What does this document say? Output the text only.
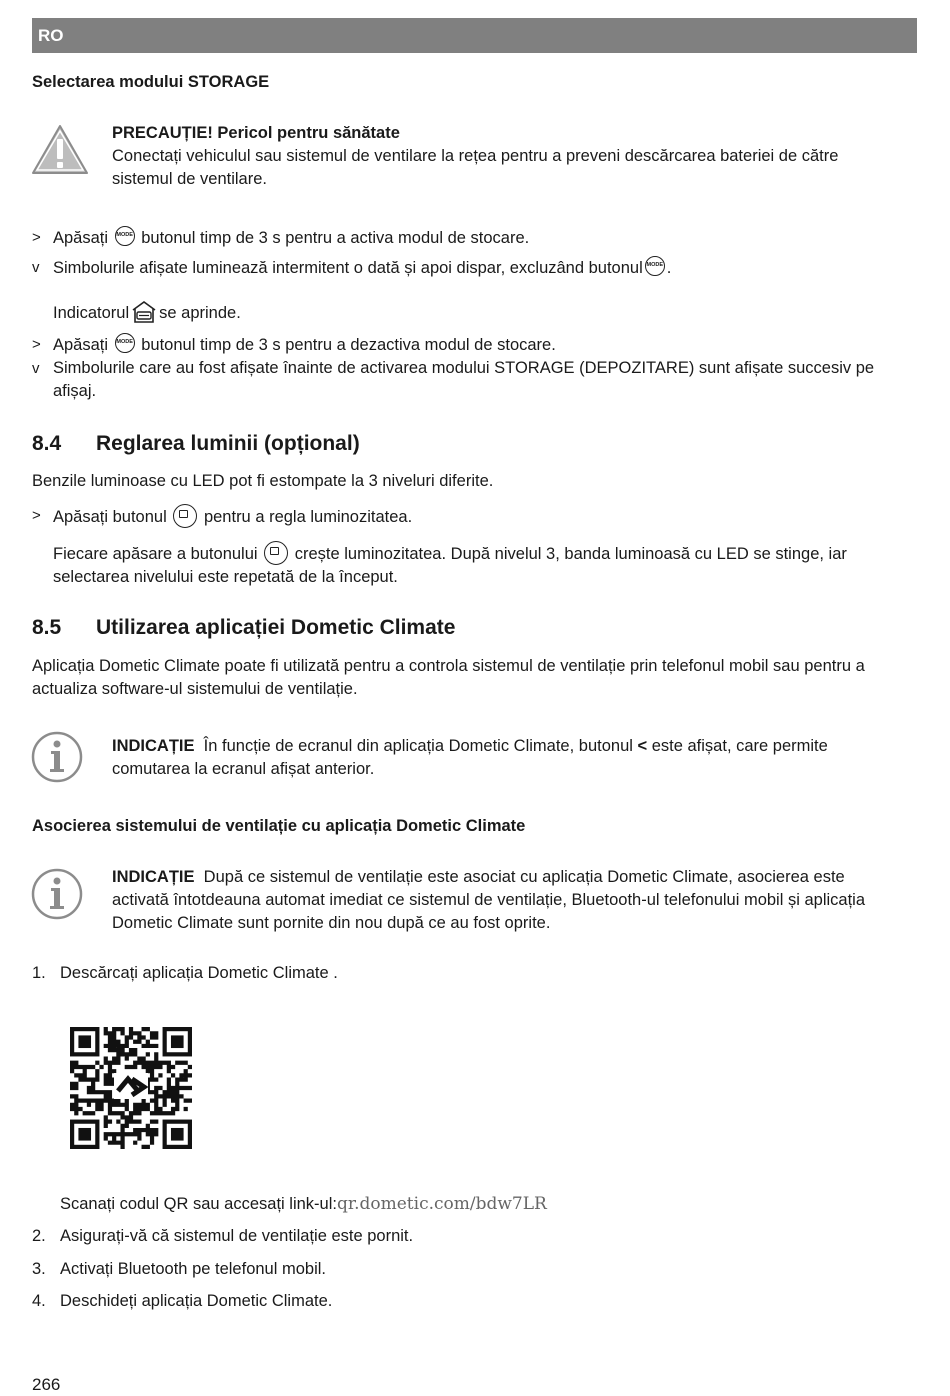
RO
Selectarea modului STORAGE
PRECAUȚIE! Pericol pentru sănătate
Conectați vehiculul sau sistemul de ventilare la rețea pentru a preveni descărcarea bateriei de către sistemul de ventilare.
> Apăsați MODE butonul timp de 3 s pentru a activa modul de stocare.
v Simbolurile afișate luminează intermitent o dată și apoi dispar, excluzând butonul MODE .
Indicatorul se aprinde.
> Apăsați MODE butonul timp de 3 s pentru a dezactiva modul de stocare.
v Simbolurile care au fost afișate înainte de activarea modului STORAGE (DEPOZITARE) sunt afișate succesiv pe afișaj.
8.4 Reglarea luminii (opțional)
Benzile luminoase cu LED pot fi estompate la 3 niveluri diferite.
> Apăsați butonul pentru a regla luminozitatea.
Fiecare apăsare a butonului crește luminozitatea. După nivelul 3, banda luminoasă cu LED se stinge, iar selectarea nivelului este repetată de la început.
8.5 Utilizarea aplicației Dometic Climate
Aplicația Dometic Climate poate fi utilizată pentru a controla sistemul de ventilație prin telefonul mobil sau pentru a actualiza software-ul sistemului de ventilație.
INDICAȚIE În funcție de ecranul din aplicația Dometic Climate, butonul < este afișat, care permite comutarea la ecranul afișat anterior.
Asocierea sistemului de ventilație cu aplicația Dometic Climate
INDICAȚIE După ce sistemul de ventilație este asociat cu aplicația Dometic Climate, asocierea este activată întotdeauna automat imediat ce sistemul de ventilație, Bluetooth-ul telefonului mobil și aplicația Dometic Climate sunt pornite din nou după ce au fost oprite.
1. Descărcați aplicația Dometic Climate .
Scanați codul QR sau accesați link-ul:qr.dometic.com/bdw7LR
2. Asigurați-vă că sistemul de ventilație este pornit.
3. Activați Bluetooth pe telefonul mobil.
4. Deschideți aplicația Dometic Climate.
266
